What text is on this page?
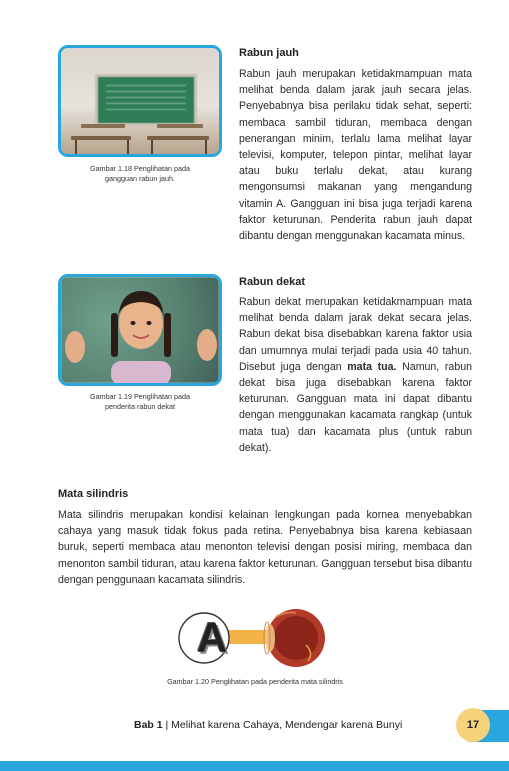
Gambar 1.18 Penglihatan pada
gangguan rabun jauh.
Rabun jauh
Rabun jauh merupakan ketidakmampuan mata melihat benda dalam jarak jauh secara jelas. Penyebabnya bisa perilaku tidak sehat, seperti: membaca sambil tiduran, membaca dengan penerangan minim, terlalu lama melihat layar televisi, komputer, telepon pintar, melihat layar atau buku terlalu dekat, atau kurang mengonsumsi makanan yang mengandung vitamin A. Gangguan ini bisa juga terjadi karena faktor keturunan. Penderita rabun jauh dapat dibantu dengan menggunakan kacamata minus.
Gambar 1.19 Penglihatan pada
penderita rabun dekat
Rabun dekat
Rabun dekat merupakan ketidakmampuan mata melihat benda dalam jarak dekat secara jelas. Rabun dekat bisa disebabkan karena faktor usia dan umumnya mulai terjadi pada usia 40 tahun. Disebut juga dengan mata tua. Namun, rabun dekat bisa juga disebabkan karena faktor keturunan. Gangguan mata ini dapat dibantu dengan menggunakan kacamata rangkap (untuk mata tua) dan kacamata plus (untuk rabun dekat).
Mata silindris
Mata silindris merupakan kondisi kelainan lengkungan pada kornea menyebabkan cahaya yang masuk tidak fokus pada retina. Penyebabnya bisa karena kebiasaan buruk, seperti membaca atau menonton televisi dengan posisi miring, membaca dan menonton sambil tiduran, atau karena faktor keturunan. Gangguan tersebut bisa dibantu dengan penggunaan kacamata silindris.
A
Gambar 1.20 Penglihatan pada penderita mata silindris
Bab 1 | Melihat karena Cahaya, Mendengar karena Bunyi	17
